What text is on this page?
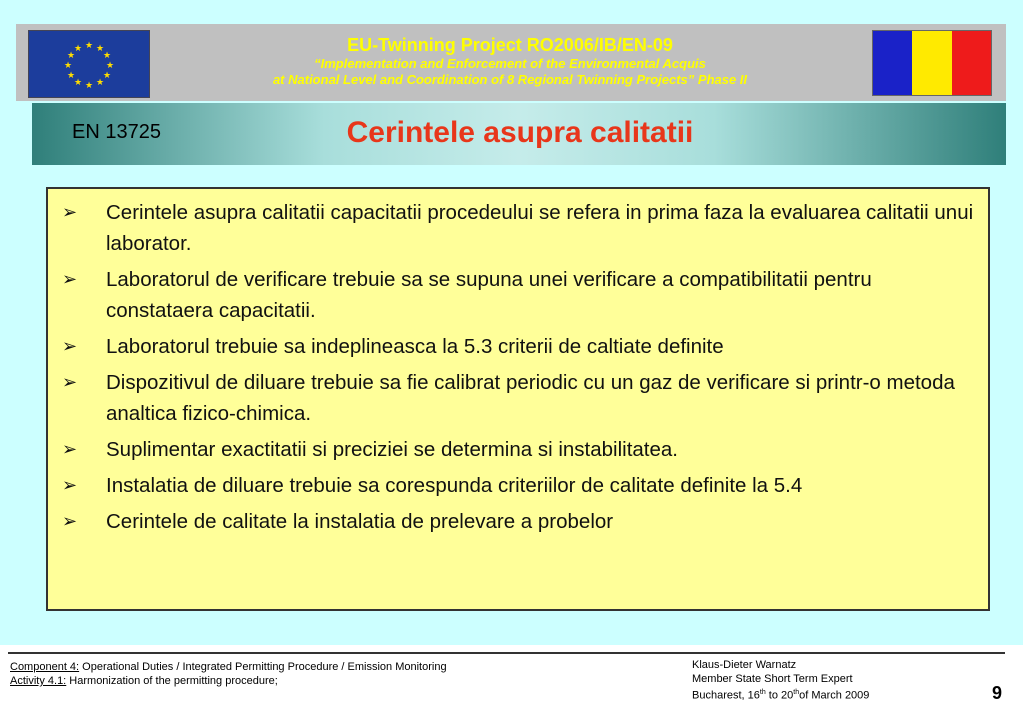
★ ★
★
★
★
★
★
★
★
★
★
★	EU-Twinning Project RO2006/IB/EN-09
“Implementation and Enforcement of the Environmental Acquis
at National Level and Coordination of 8 Regional Twinning Projects” Phase II
EN 13725	Cerintele asupra calitatii
➢	Cerintele asupra calitatii capacitatii procedeului se refera in prima faza la evaluarea calitatii unui laborator.
➢	Laboratorul de verificare trebuie sa se supuna unei verificare a compatibilitatii pentru constataera capacitatii.
➢	Laboratorul trebuie sa indeplineasca la 5.3 criterii de caltiate definite
➢	Dispozitivul de diluare trebuie sa fie calibrat periodic cu un gaz de verificare si printr-o metoda analtica fizico-chimica.
➢	Suplimentar exactitatii si preciziei se determina si instabilitatea.
➢	Instalatia de diluare trebuie sa corespunda criteriilor de calitate definite la 5.4
➢	Cerintele de calitate la instalatia de prelevare a probelor
Component 4: Operational Duties / Integrated Permitting Procedure / Emission Monitoring
Activity 4.1: Harmonization of the permitting procedure;
Klaus-Dieter Warnatz
Member State Short Term Expert
Bucharest, 16th to 20thof March 2009	9
